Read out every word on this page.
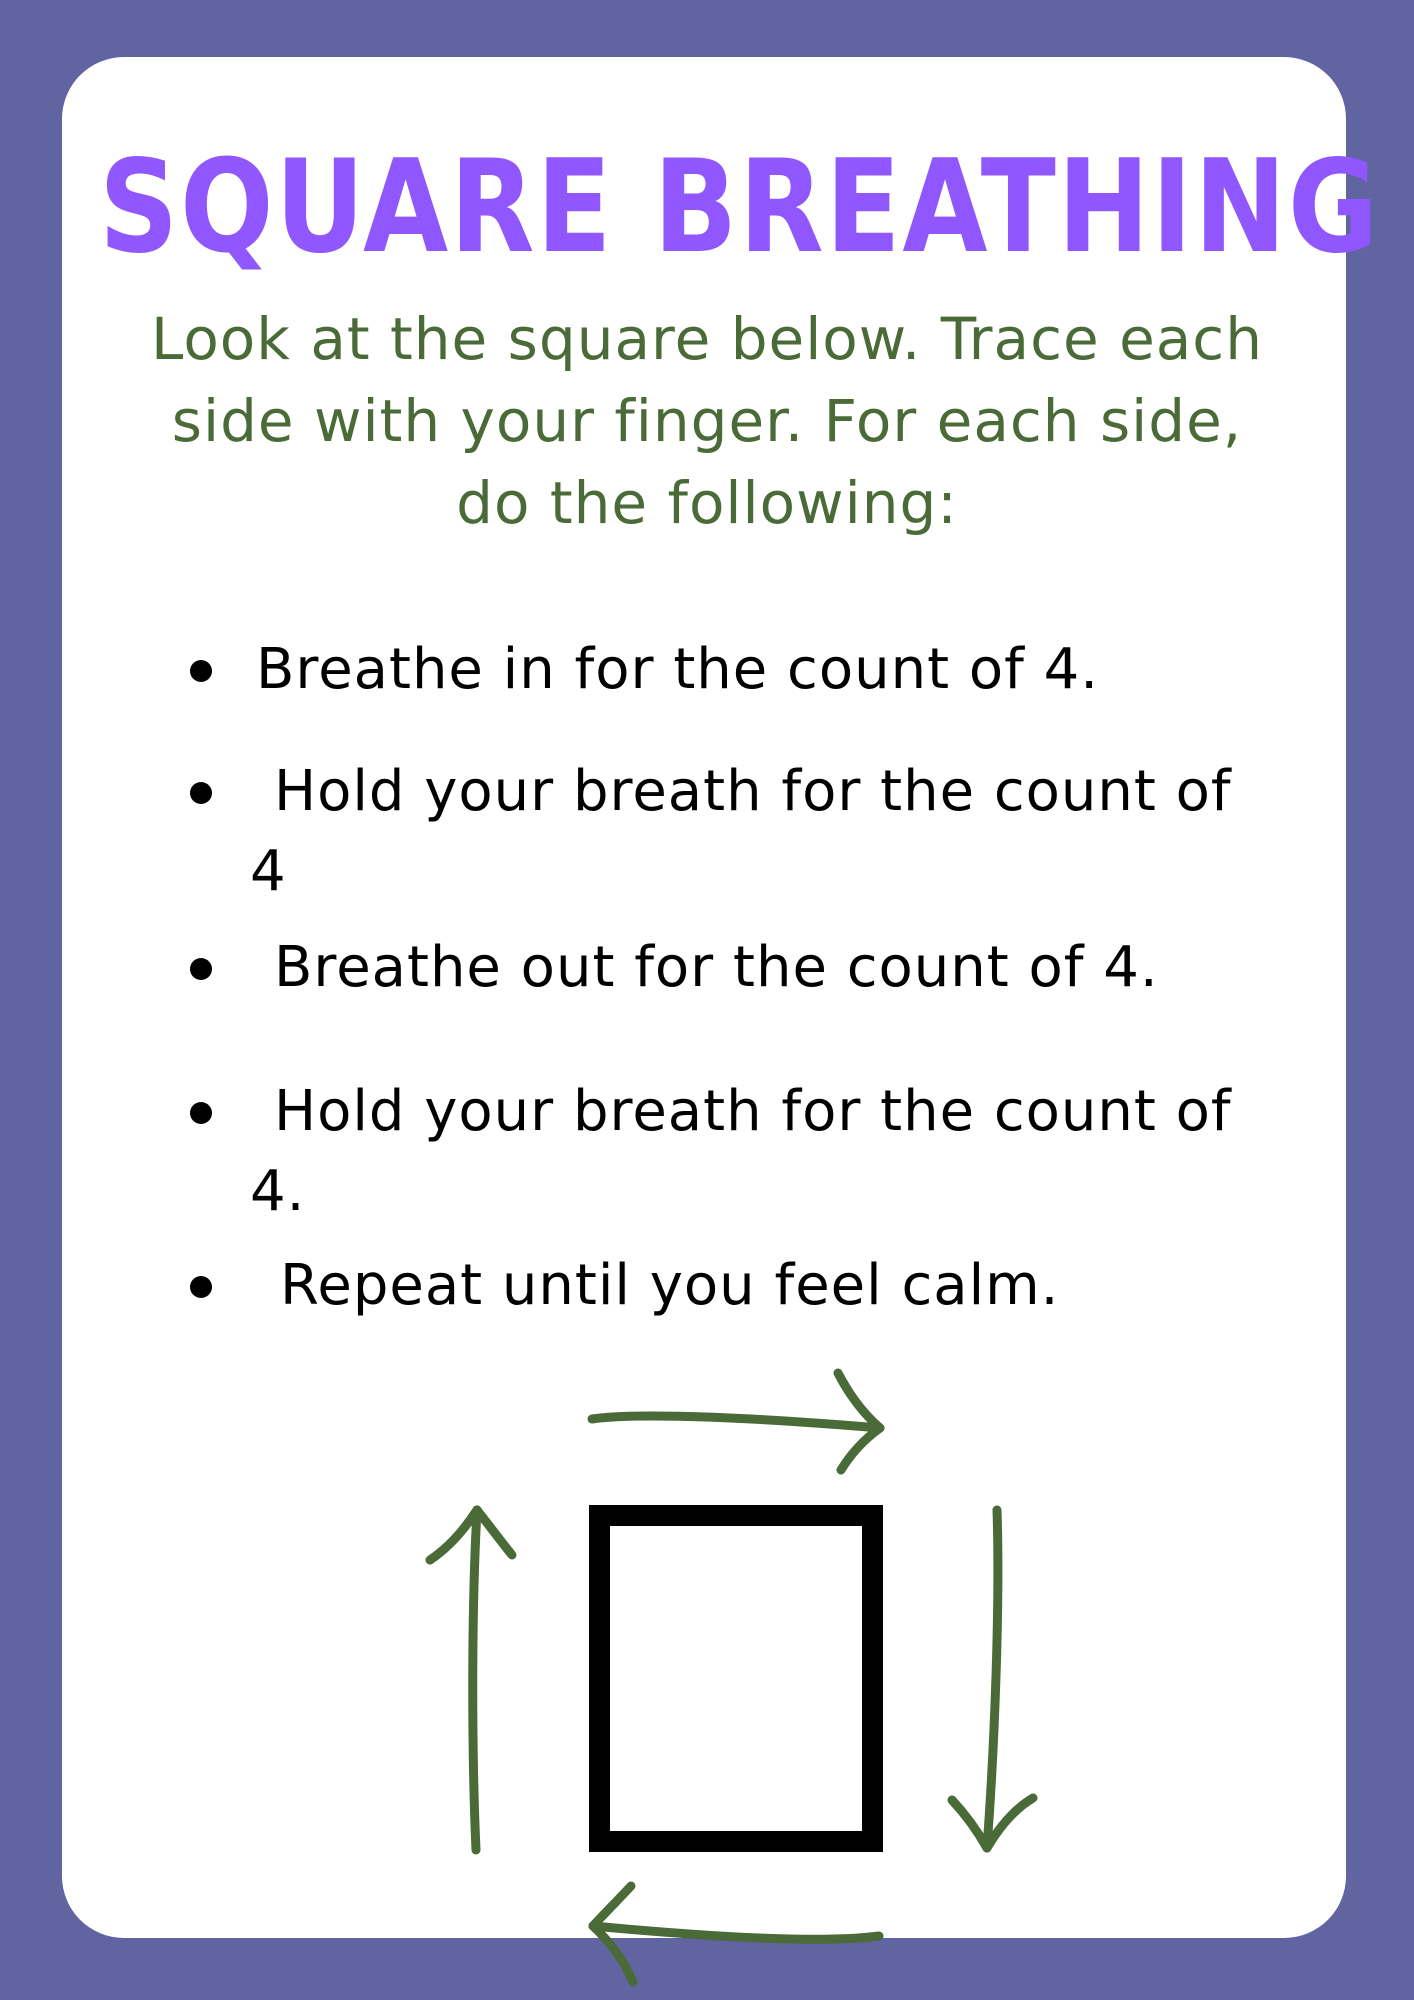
SQUARE BREATHING
Look at the square below. Trace each side with your finger. For each side, do the following:
Breathe in for the count of 4.
Hold your breath for the count of
4
Breathe out for the count of 4.
Hold your breath for the count of
4.
Repeat until you feel calm.
